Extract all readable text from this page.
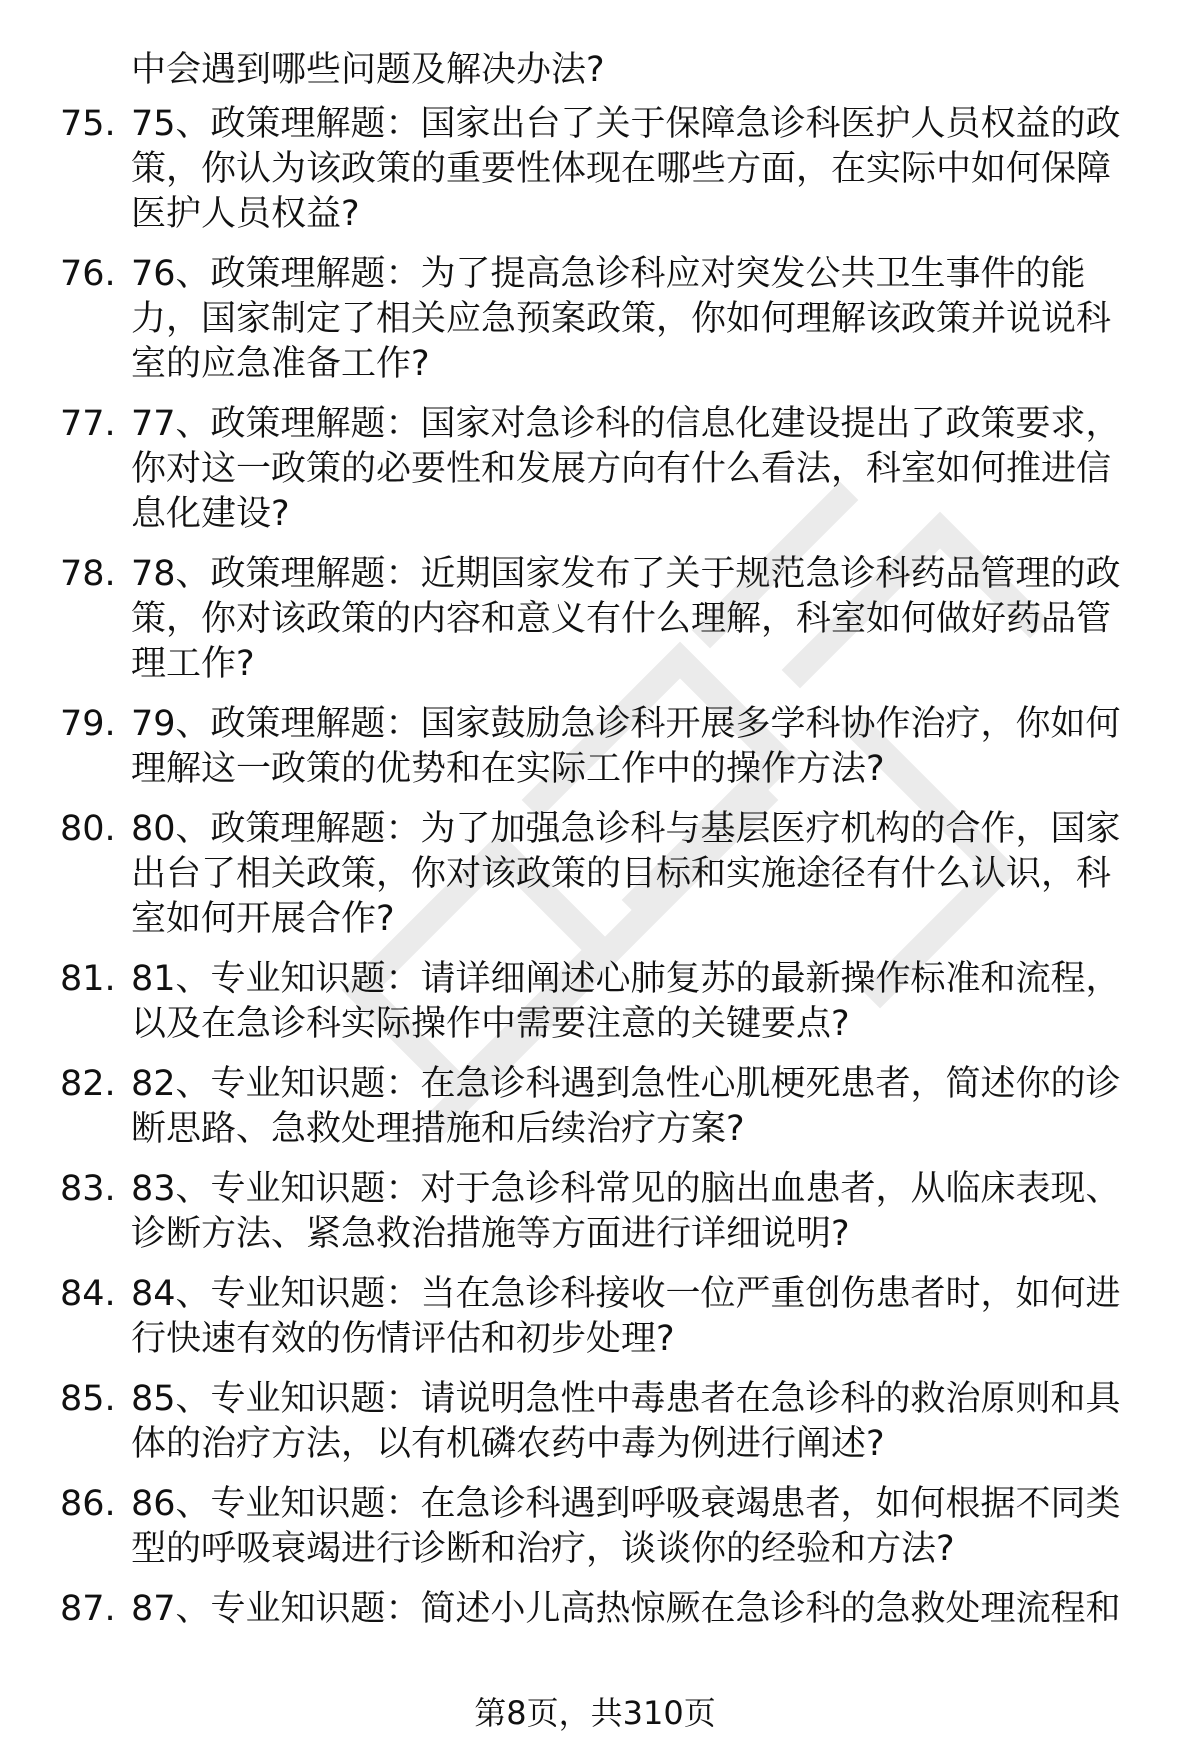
中会遇到哪些问题及解决办法?
75. 75、政策理解题：国家出台了关于保障急诊科医护人员权益的政
策，你认为该政策的重要性体现在哪些方面，在实际中如何保障
医护人员权益?
76. 76、政策理解题：为了提高急诊科应对突发公共卫生事件的能
力，国家制定了相关应急预案政策，你如何理解该政策并说说科
室的应急准备工作?
77. 77、政策理解题：国家对急诊科的信息化建设提出了政策要求，
你对这一政策的必要性和发展方向有什么看法，科室如何推进信
息化建设?
78. 78、政策理解题：近期国家发布了关于规范急诊科药品管理的政
策，你对该政策的内容和意义有什么理解，科室如何做好药品管
理工作?
79. 79、政策理解题：国家鼓励急诊科开展多学科协作治疗，你如何
理解这一政策的优势和在实际工作中的操作方法?
80. 80、政策理解题：为了加强急诊科与基层医疗机构的合作，国家
出台了相关政策，你对该政策的目标和实施途径有什么认识，科
室如何开展合作?
81. 81、专业知识题：请详细阐述心肺复苏的最新操作标准和流程，
以及在急诊科实际操作中需要注意的关键要点?
82. 82、专业知识题：在急诊科遇到急性心肌梗死患者，简述你的诊
断思路、急救处理措施和后续治疗方案?
83. 83、专业知识题：对于急诊科常见的脑出血患者，从临床表现、
诊断方法、紧急救治措施等方面进行详细说明?
84. 84、专业知识题：当在急诊科接收一位严重创伤患者时，如何进
行快速有效的伤情评估和初步处理?
85. 85、专业知识题：请说明急性中毒患者在急诊科的救治原则和具
体的治疗方法，以有机磷农药中毒为例进行阐述?
86. 86、专业知识题：在急诊科遇到呼吸衰竭患者，如何根据不同类
型的呼吸衰竭进行诊断和治疗，谈谈你的经验和方法?
87. 87、专业知识题：简述小儿高热惊厥在急诊科的急救处理流程和
第8页，共310页
